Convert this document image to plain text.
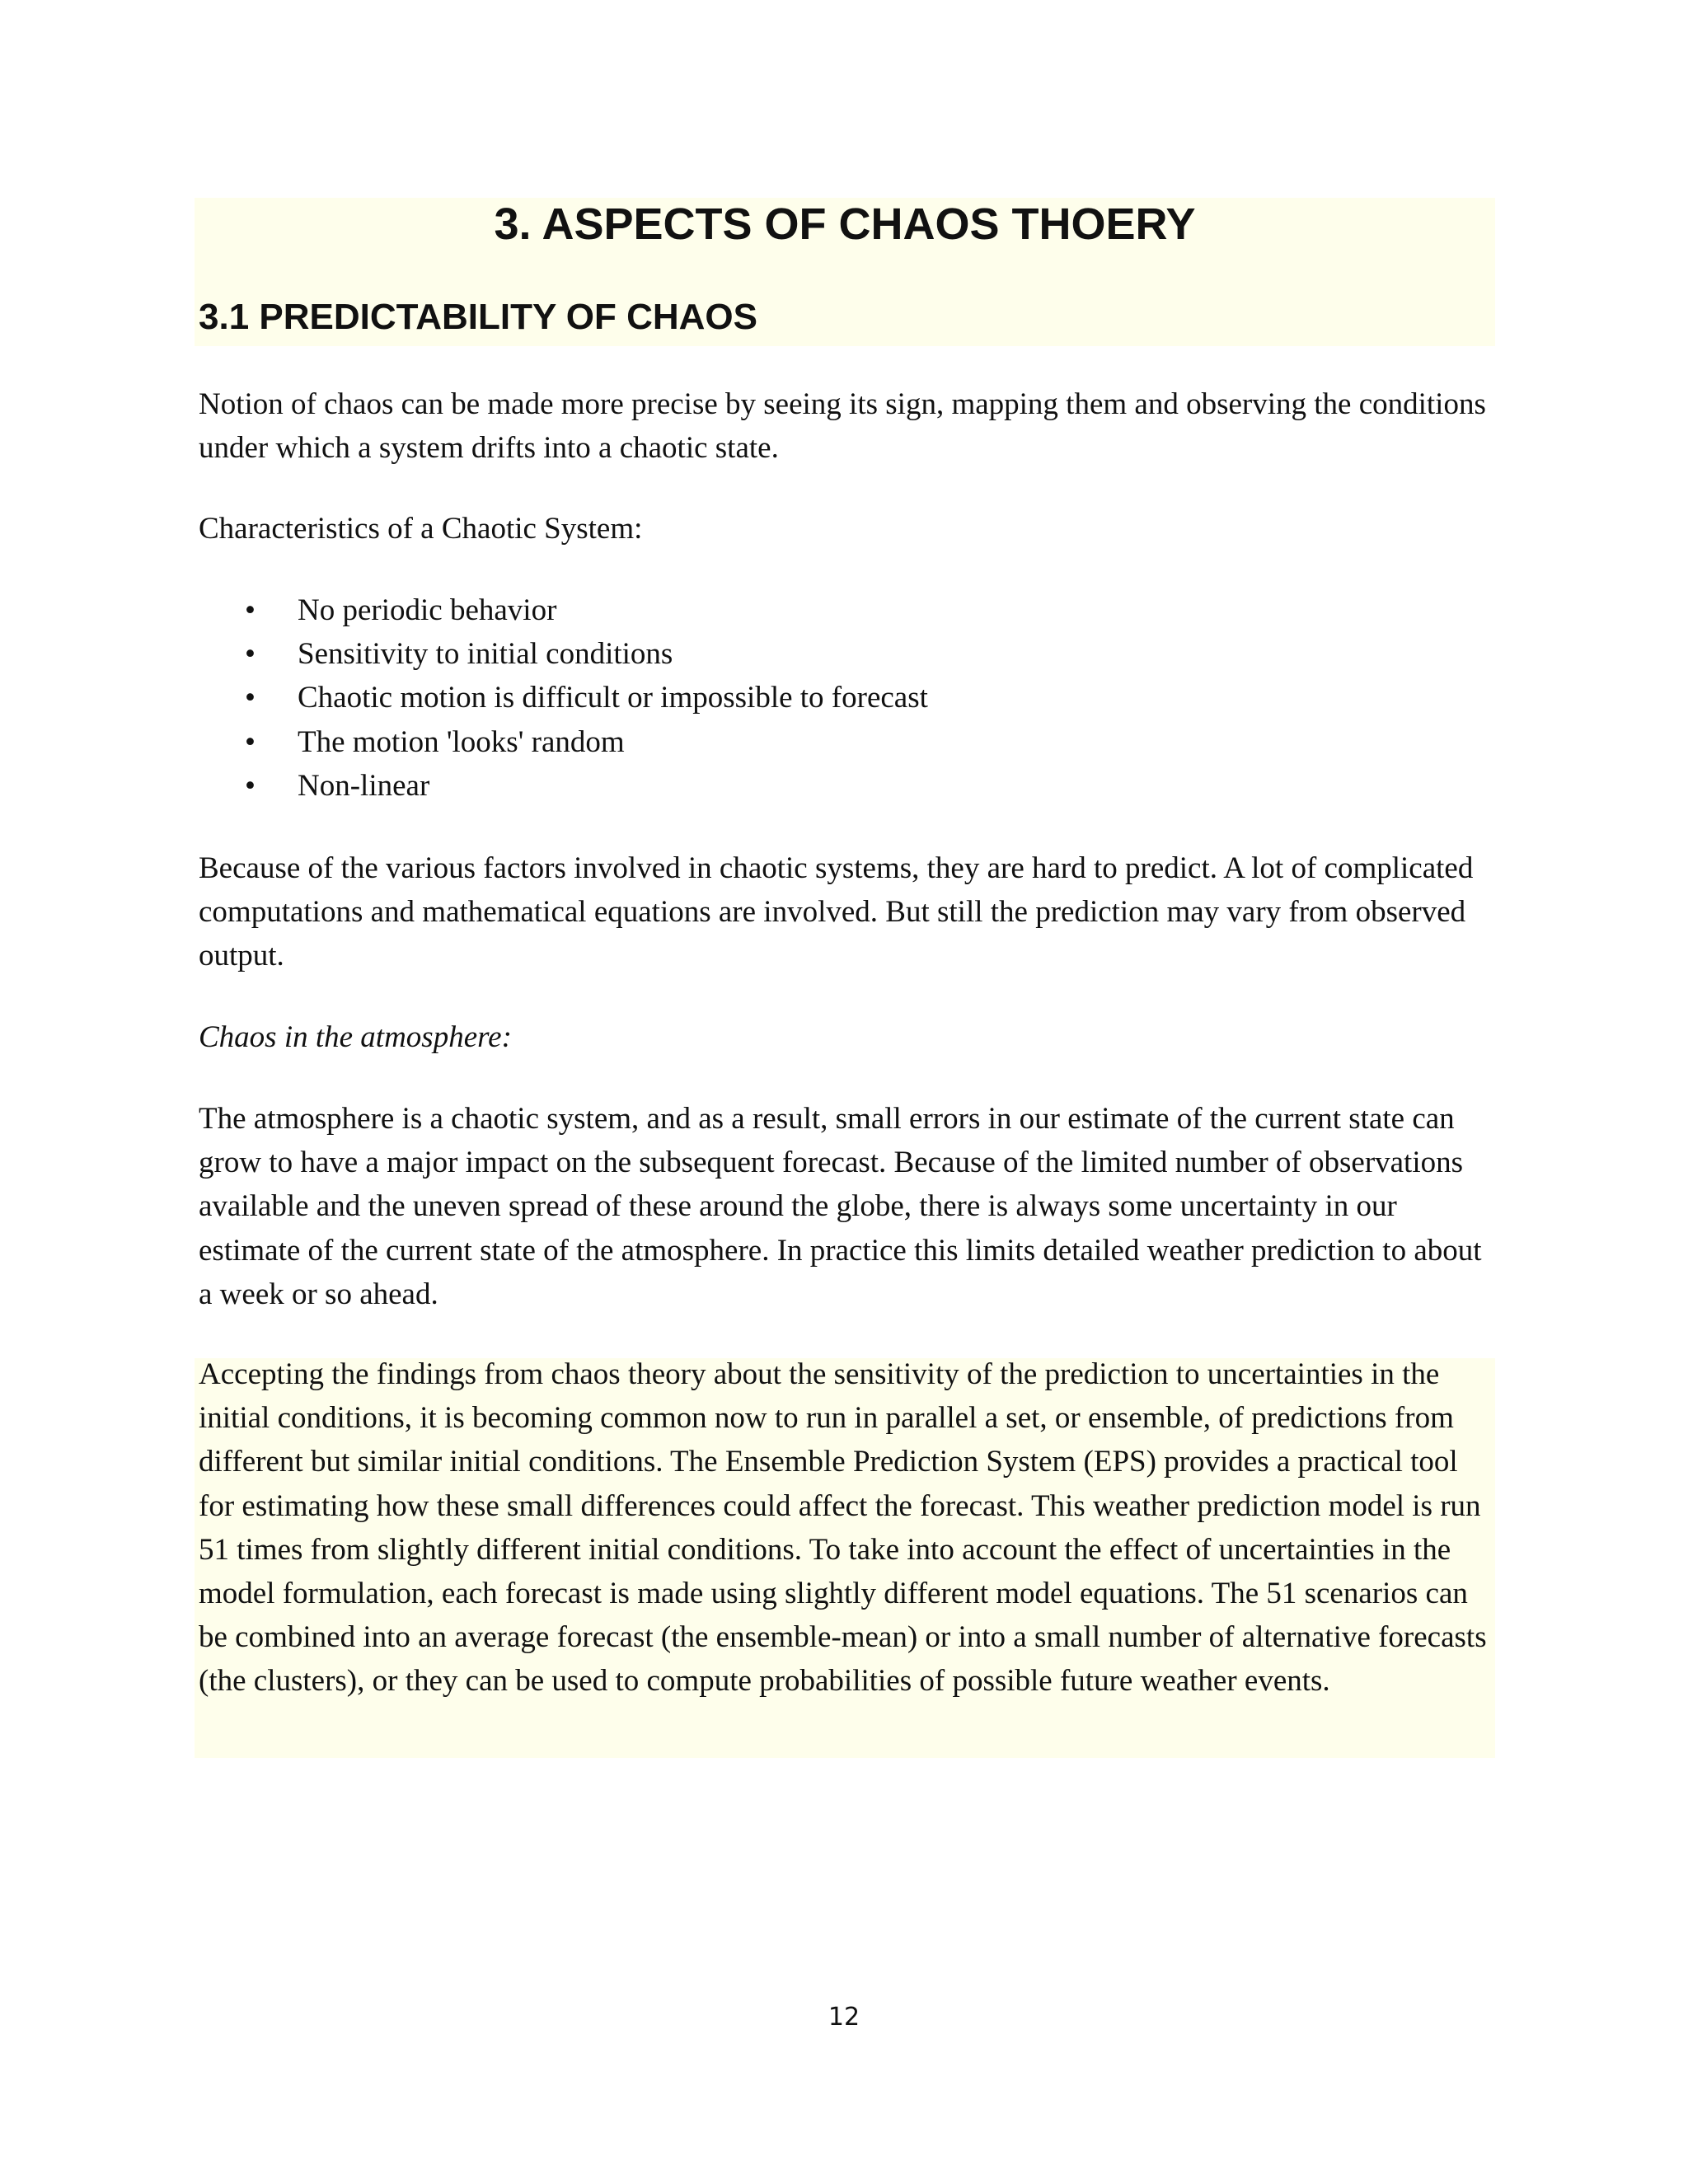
3. ASPECTS OF CHAOS THOERY
3.1 PREDICTABILITY OF CHAOS

Notion of chaos can be made more precise by seeing its sign, mapping them and observing the conditions under which a system drifts into a chaotic state.

Characteristics of a Chaotic System:

• No periodic behavior
• Sensitivity to initial conditions
• Chaotic motion is difficult or impossible to forecast
• The motion 'looks' random
• Non-linear

Because of the various factors involved in chaotic systems, they are hard to predict. A lot of complicated computations and mathematical equations are involved. But still the prediction may vary from observed output.

Chaos in the atmosphere:

The atmosphere is a chaotic system, and as a result, small errors in our estimate of the current state can grow to have a major impact on the subsequent forecast. Because of the limited number of observations available and the uneven spread of these around the globe, there is always some uncertainty in our estimate of the current state of the atmosphere. In practice this limits detailed weather prediction to about a week or so ahead.

Accepting the findings from chaos theory about the sensitivity of the prediction to uncertainties in the initial conditions, it is becoming common now to run in parallel a set, or ensemble, of predictions from different but similar initial conditions. The Ensemble Prediction System (EPS) provides a practical tool for estimating how these small differences could affect the forecast. This weather prediction model is run 51 times from slightly different initial conditions. To take into account the effect of uncertainties in the model formulation, each forecast is made using slightly different model equations. The 51 scenarios can be combined into an average forecast (the ensemble-mean) or into a small number of alternative forecasts (the clusters), or they can be used to compute probabilities of possible future weather events.

12
